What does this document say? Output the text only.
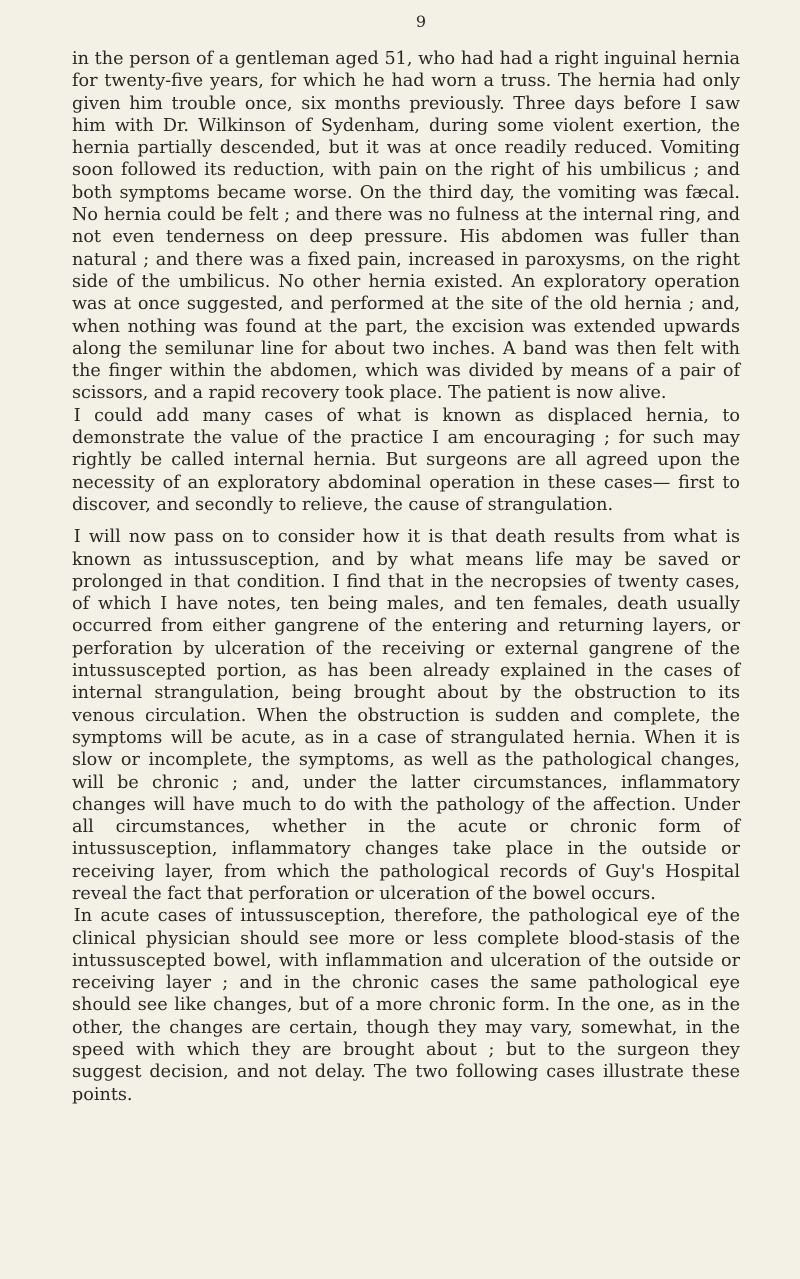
9

in the person of a gentleman aged 51, who had had a right inguinal hernia for twenty-five years, for which he had worn a truss. The hernia had only given him trouble once, six months previously. Three days before I saw him with Dr. Wilkinson of Sydenham, during some violent exertion, the hernia partially descended, but it was at once readily reduced. Vomiting soon followed its reduction, with pain on the right of his umbilicus ; and both symptoms became worse. On the third day, the vomiting was fæcal. No hernia could be felt ; and there was no fulness at the internal ring, and not even tenderness on deep pressure. His abdomen was fuller than natural ; and there was a fixed pain, increased in paroxysms, on the right side of the umbilicus. No other hernia existed. An exploratory operation was at once suggested, and performed at the site of the old hernia ; and, when nothing was found at the part, the excision was extended upwards along the semilunar line for about two inches. A band was then felt with the finger within the abdomen, which was divided by means of a pair of scissors, and a rapid recovery took place. The patient is now alive.

I could add many cases of what is known as displaced hernia, to demonstrate the value of the practice I am encouraging ; for such may rightly be called internal hernia. But surgeons are all agreed upon the necessity of an exploratory abdominal operation in these cases— first to discover, and secondly to relieve, the cause of strangulation.

I will now pass on to consider how it is that death results from what is known as intussusception, and by what means life may be saved or prolonged in that condition. I find that in the necropsies of twenty cases, of which I have notes, ten being males, and ten females, death usually occurred from either gangrene of the entering and returning layers, or perforation by ulceration of the receiving or external gangrene of the intussuscepted portion, as has been already explained in the cases of internal strangulation, being brought about by the obstruction to its venous circulation. When the obstruction is sudden and complete, the symptoms will be acute, as in a case of strangulated hernia. When it is slow or incomplete, the symptoms, as well as the pathological changes, will be chronic ; and, under the latter circumstances, inflammatory changes will have much to do with the pathology of the affection. Under all circumstances, whether in the acute or chronic form of intussusception, inflammatory changes take place in the outside or receiving layer, from which the pathological records of Guy's Hospital reveal the fact that perforation or ulceration of the bowel occurs.

In acute cases of intussusception, therefore, the pathological eye of the clinical physician should see more or less complete blood-stasis of the intussuscepted bowel, with inflammation and ulceration of the outside or receiving layer ; and in the chronic cases the same pathological eye should see like changes, but of a more chronic form. In the one, as in the other, the changes are certain, though they may vary, somewhat, in the speed with which they are brought about ; but to the surgeon they suggest decision, and not delay. The two following cases illustrate these points.
